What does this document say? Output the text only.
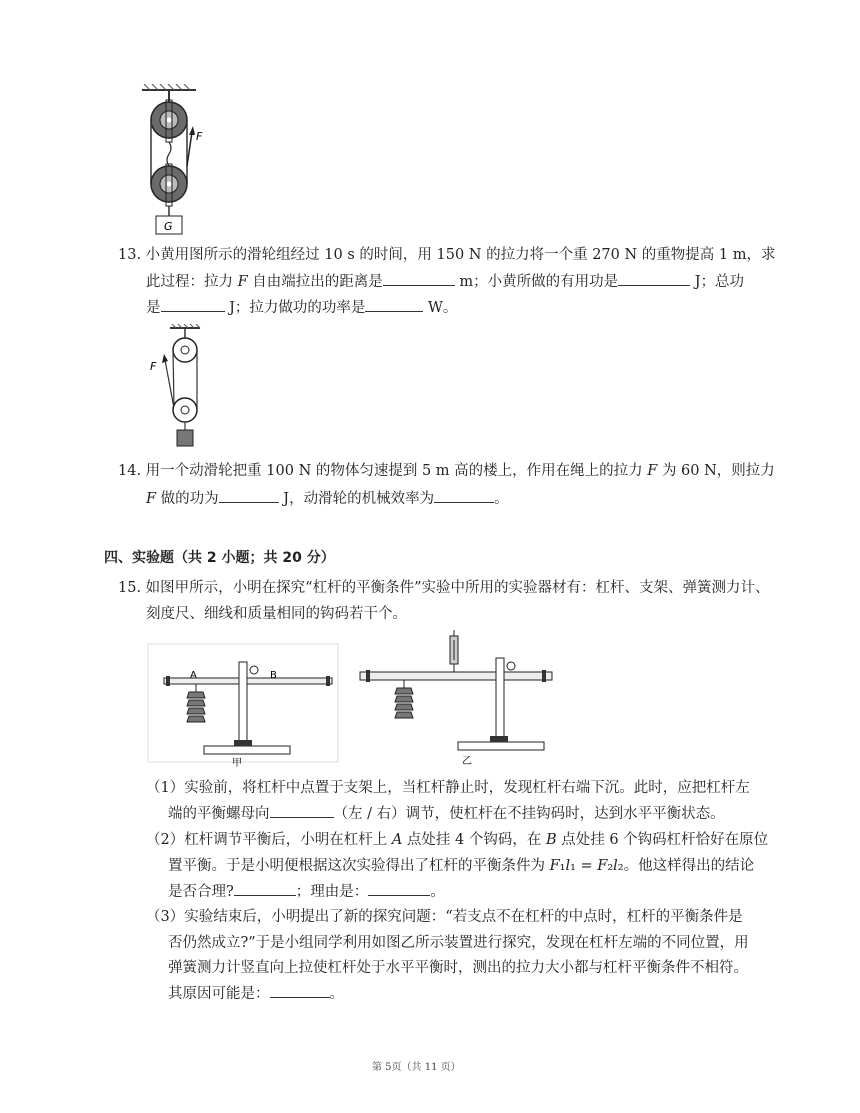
F
G
13. 小黄用图所示的滑轮组经过 10 s 的时间，用 150 N 的拉力将一个重 270 N 的重物提高 1 m，求
此过程：拉力 𝐹 自由端拉出的距离是	m；小黄所做的有用功是	J；总功
是	J；拉力做功的功率是	W。
F
14. 用一个动滑轮把重 100 N 的物体匀速提到 5 m 高的楼上，作用在绳上的拉力 𝐹 为 60 N，则拉力
𝐹 做的功为	J，动滑轮的机械效率为	。
四、实验题（共 2 小题；共 20 分）
15. 如图甲所示，小明在探究“杠杆的平衡条件”实验中所用的实验器材有：杠杆、支架、弹簧测力计、
刻度尺、细线和质量相同的钩码若干个。
A	B
甲	乙
（1）实验前，将杠杆中点置于支架上，当杠杆静止时，发现杠杆右端下沉。此时，应把杠杆左
端的平衡螺母向	（左 / 右）调节，使杠杆在不挂钩码时，达到水平平衡状态。
（2）杠杆调节平衡后，小明在杠杆上 𝐴 点处挂 4 个钩码，在 𝐵 点处挂 6 个钩码杠杆恰好在原位
置平衡。于是小明便根据这次实验得出了杠杆的平衡条件为 𝐹₁𝑙₁ = 𝐹₂𝑙₂。他这样得出的结论
是否合理?	；理由是：	。
（3）实验结束后，小明提出了新的探究问题：“若支点不在杠杆的中点时，杠杆的平衡条件是
否仍然成立?”于是小组同学利用如图乙所示装置进行探究，发现在杠杆左端的不同位置，用
弹簧测力计竖直向上拉使杠杆处于水平平衡时，测出的拉力大小都与杠杆平衡条件不相符。
其原因可能是：	。
第 5页（共 11 页）
